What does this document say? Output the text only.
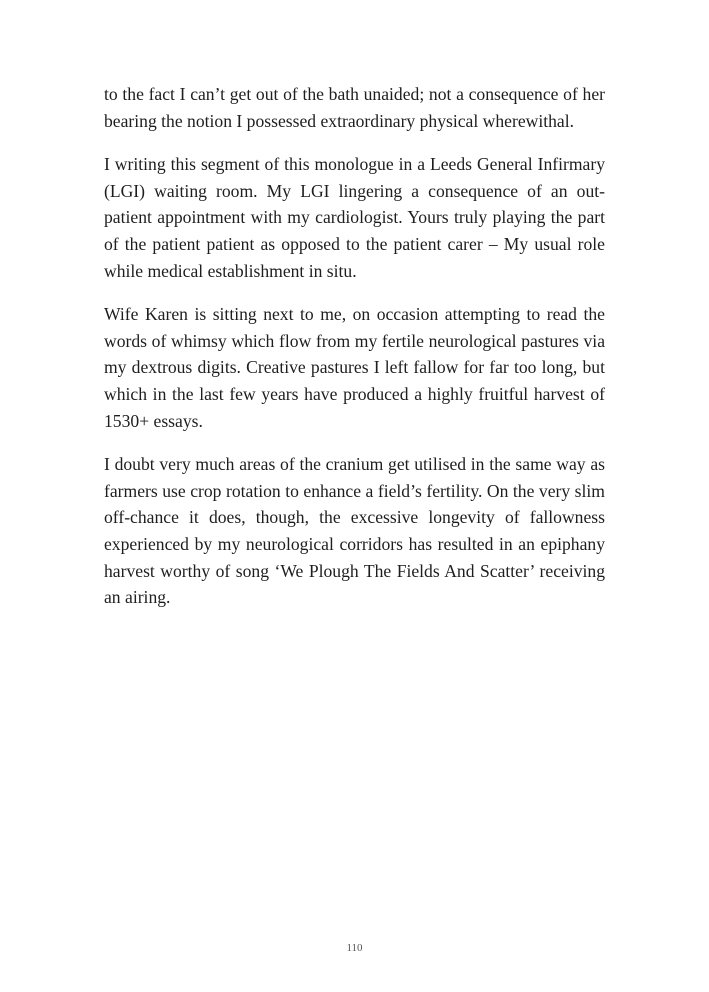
to the fact I can’t get out of the bath unaided; not a consequence of her bearing the notion I possessed extraordinary physical wherewithal.

I writing this segment of this monologue in a Leeds General Infirmary (LGI) waiting room. My LGI lingering a consequence of an out-patient appointment with my cardiologist. Yours truly playing the part of the patient patient as opposed to the patient carer – My usual role while medical establishment in situ.

Wife Karen is sitting next to me, on occasion attempting to read the words of whimsy which flow from my fertile neurological pastures via my dextrous digits. Creative pastures I left fallow for far too long, but which in the last few years have produced a highly fruitful harvest of 1530+ essays.

I doubt very much areas of the cranium get utilised in the same way as farmers use crop rotation to enhance a field’s fertility. On the very slim off-chance it does, though, the excessive longevity of fallowness experienced by my neurological corridors has resulted in an epiphany harvest worthy of song ‘We Plough The Fields And Scatter’ receiving an airing.

110
